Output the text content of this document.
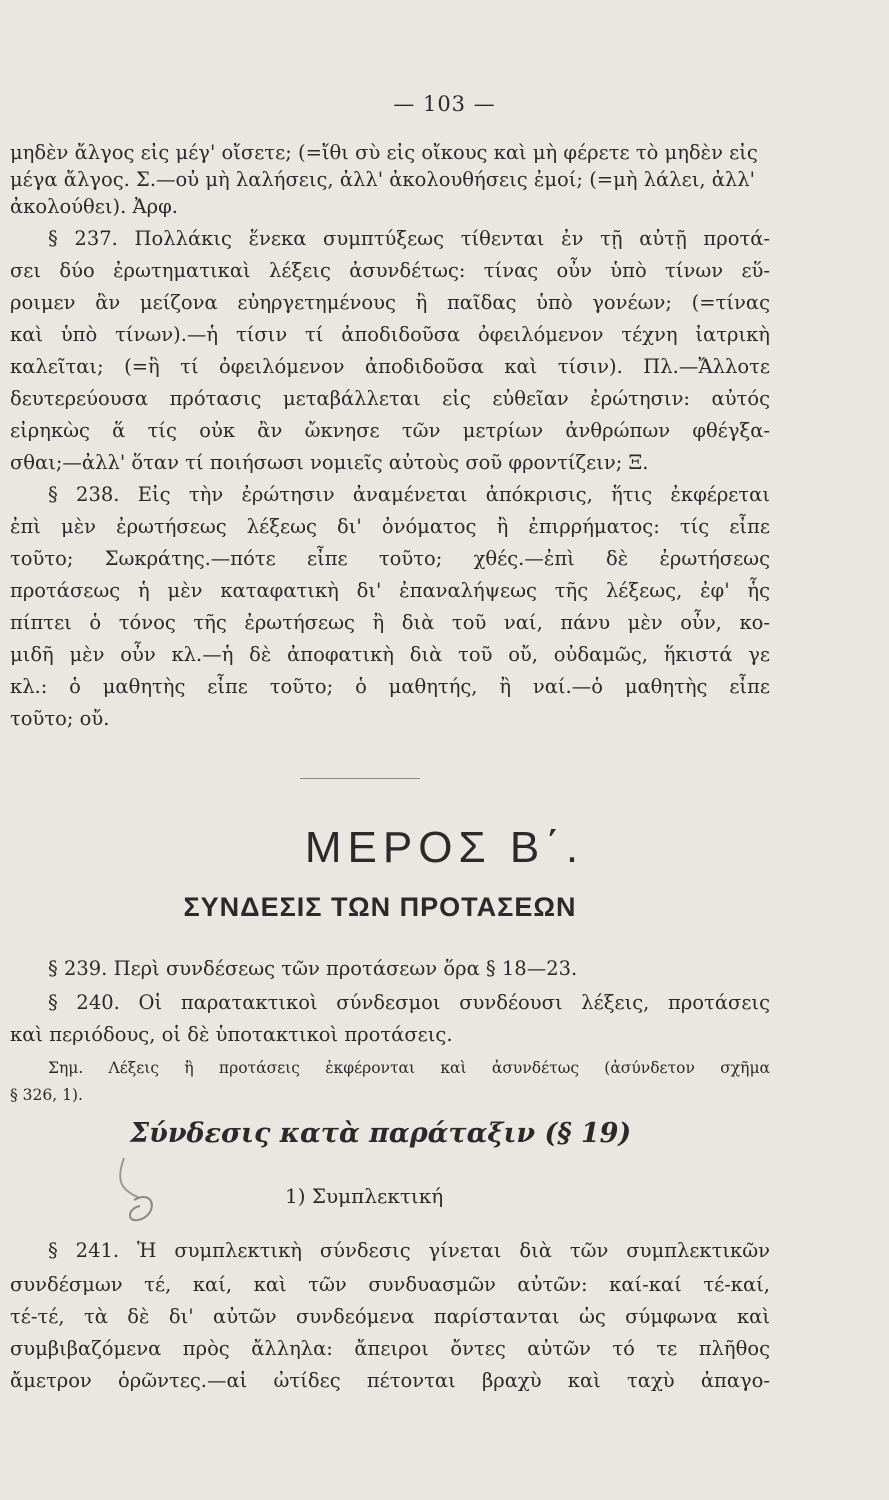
— 103 —
μηδὲν ἄλγος εἰς μέγ' οἴσετε; (=ἴθι σὺ εἰς οἴκους καὶ μὴ φέρετε τὸ μηδὲν εἰς
μέγα ἄλγος. Σ.—οὐ μὴ λαλήσεις, ἀλλ' ἀκολουθήσεις ἐμοί; (=μὴ λάλει, ἀλλ'
ἀκολούθει). Ἀρφ.
§ 237. Πολλάκις ἕνεκα συμπτύξεως τίθενται ἐν τῇ αὐτῇ προτά-
σει δύο ἐρωτηματικαὶ λέξεις ἀσυνδέτως: τίνας οὖν ὑπὸ τίνων εὕ-
ροιμεν ἂν μείζονα εὐηργετημένους ἢ παῖδας ὑπὸ γονέων; (=τίνας
καὶ ὑπὸ τίνων).—ἡ τίσιν τί ἀποδιδοῦσα ὀφειλόμενον τέχνη ἰατρικὴ
καλεῖται; (=ἣ τί ὀφειλόμενον ἀποδιδοῦσα καὶ τίσιν). Πλ.—Ἄλλοτε
δευτερεύουσα πρότασις μεταβάλλεται εἰς εὐθεῖαν ἐρώτησιν: αὐτός
εἰρηκὼς ἅ τίς οὐκ ἂν ὤκνησε τῶν μετρίων ἀνθρώπων φθέγξα-
σθαι;—ἀλλ' ὅταν τί ποιήσωσι νομιεῖς αὐτοὺς σοῦ φροντίζειν; Ξ.
§ 238. Εἰς τὴν ἐρώτησιν ἀναμένεται ἀπόκρισις, ἥτις ἐκφέρεται
ἐπὶ μὲν ἐρωτήσεως λέξεως δι' ὀνόματος ἢ ἐπιρρήματος: τίς εἶπε
τοῦτο; Σωκράτης.—πότε εἶπε τοῦτο; χθές.—ἐπὶ δὲ ἐρωτήσεως
προτάσεως ἡ μὲν καταφατικὴ δι' ἐπαναλήψεως τῆς λέξεως, ἐφ' ἧς
πίπτει ὁ τόνος τῆς ἐρωτήσεως ἢ διὰ τοῦ ναί, πάνυ μὲν οὖν, κο-
μιδῆ μὲν οὖν κλ.—ἡ δὲ ἀποφατικὴ διὰ τοῦ οὔ, οὐδαμῶς, ἥκιστά γε
κλ.: ὁ μαθητὴς εἶπε τοῦτο; ὁ μαθητής, ἢ ναί.—ὁ μαθητὴς εἶπε
τοῦτο; οὔ.
ΜΕΡΟΣ Β΄.
ΣΥΝΔΕΣΙΣ ΤΩΝ ΠΡΟΤΑΣΕΩΝ
§ 239. Περὶ συνδέσεως τῶν προτάσεων ὅρα § 18—23.
§ 240. Οἱ παρατακτικοὶ σύνδεσμοι συνδέουσι λέξεις, προτάσεις
καὶ περιόδους, οἱ δὲ ὑποτακτικοὶ προτάσεις.
Σημ. Λέξεις ἢ προτάσεις ἐκφέρονται καὶ ἀσυνδέτως (ἀσύνδετον σχῆμα
§ 326, 1).
Σύνδεσις κατὰ παράταξιν (§ 19)
1) Συμπλεκτική
§ 241. Ἡ συμπλεκτικὴ σύνδεσις γίνεται διὰ τῶν συμπλεκτικῶν
συνδέσμων τέ, καί, καὶ τῶν συνδυασμῶν αὐτῶν: καί-καί τέ-καί,
τέ-τέ, τὰ δὲ δι' αὐτῶν συνδεόμενα παρίστανται ὡς σύμφωνα καὶ
συμβιβαζόμενα πρὸς ἄλληλα: ἄπειροι ὄντες αὐτῶν τό τε πλῆθος
ἄμετρον ὁρῶντες.—αἱ ὠτίδες πέτονται βραχὺ καὶ ταχὺ ἀπαγο-
